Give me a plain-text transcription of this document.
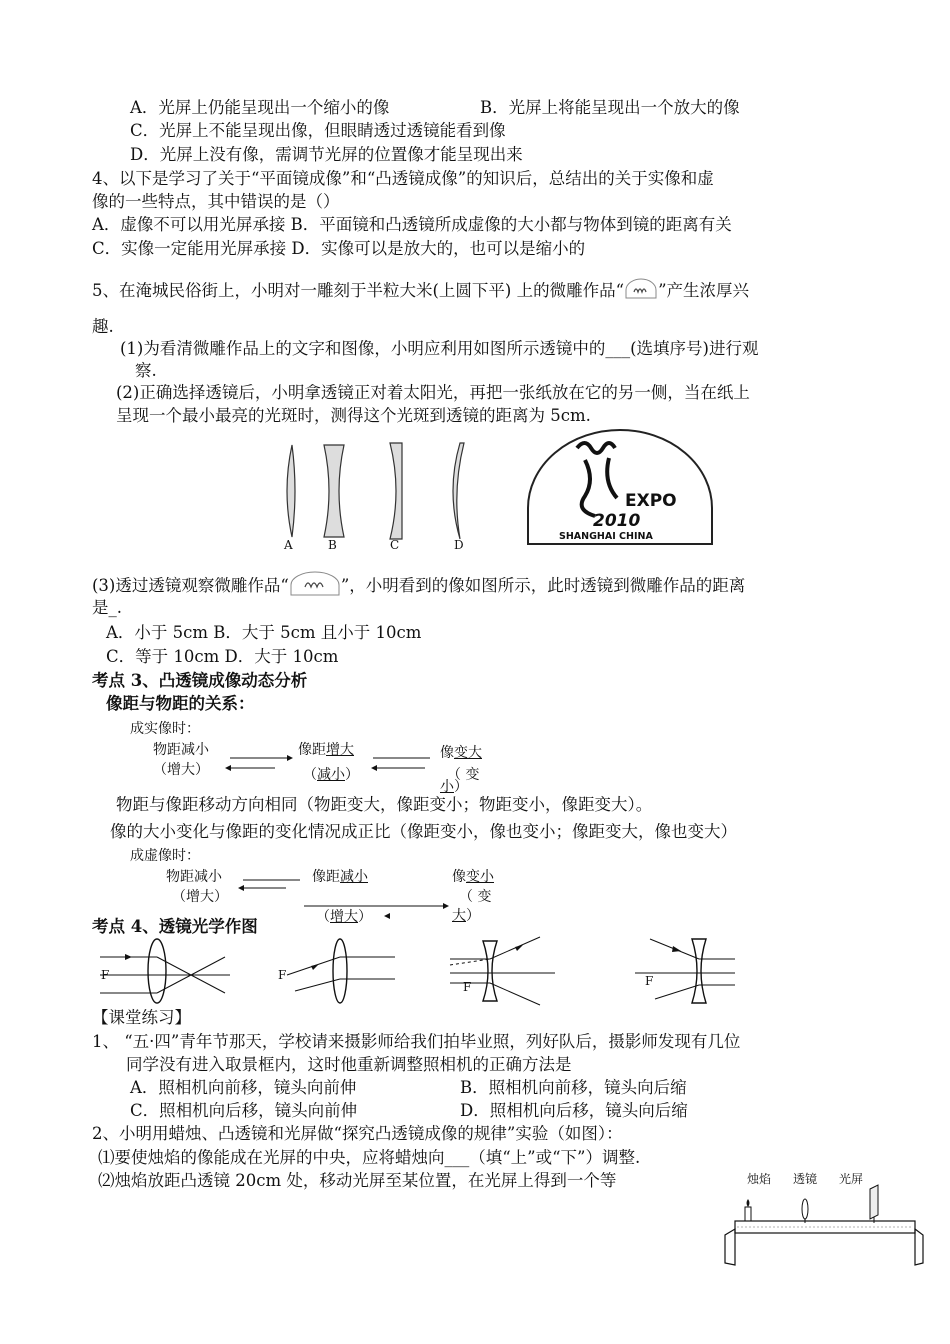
A．光屏上仍能呈现出一个缩小的像	B．光屏上将能呈现出一个放大的像
C．光屏上不能呈现出像，但眼睛透过透镜能看到像
D．光屏上没有像，需调节光屏的位置像才能呈现出来
4、以下是学习了关于“平面镜成像”和“凸透镜成像”的知识后，总结出的关于实像和虚
像的一些特点，其中错误的是（）
A．虚像不可以用光屏承接 B．平面镜和凸透镜所成虚像的大小都与物体到镜的距离有关
C．实像一定能用光屏承接 D．实像可以是放大的，也可以是缩小的
5、在淹城民俗街上，小明对一雕刻于半粒大米(上圆下平) 上的微雕作品“ ”产生浓厚兴
趣.
(1)为看清微雕作品上的文字和图像，小明应利用如图所示透镜中的___(选填序号)进行观
察.
(2)正确选择透镜后，小明拿透镜正对着太阳光，再把一张纸放在它的另一侧，当在纸上
呈现一个最小最亮的光斑时，测得这个光斑到透镜的距离为 5cm.
A	B	C	D
EXPO
2010
SHANGHAI CHINA
(3)透过透镜观察微雕作品“	”，小明看到的像如图所示，此时透镜到微雕作品的距离
是_.
A．小于 5cm B．大于 5cm 且小于 10cm
C．等于 10cm D．大于 10cm
考点 3、凸透镜成像动态分析
像距与物距的关系：
成实像时：
物距减小
（增大）
像距增大
（减小）
像变大
（ 变
小）
物距与像距移动方向相同（物距变大，像距变小；物距变小，像距变大）。
像的大小变化与像距的变化情况成正比（像距变小，像也变小；像距变大，像也变大）
成虚像时：
物距减小
（增大）
像距减小
（增大）
像变小
（ 变
大）
考点 4、透镜光学作图
F	F
F	F
【课堂练习】
1、 “五·四”青年节那天，学校请来摄影师给我们拍毕业照，列好队后，摄影师发现有几位
同学没有进入取景框内，这时他重新调整照相机的正确方法是
A．照相机向前移，镜头向前伸	B．照相机向前移，镜头向后缩
C．照相机向后移，镜头向前伸	D．照相机向后移，镜头向后缩
2、小明用蜡烛、凸透镜和光屏做“探究凸透镜成像的规律”实验（如图）：
⑴要使烛焰的像能成在光屏的中央，应将蜡烛向___（填“上”或“下”）调整.
⑵烛焰放距凸透镜 20cm 处，移动光屏至某位置，在光屏上得到一个等	烛焰 透镜 光屏
